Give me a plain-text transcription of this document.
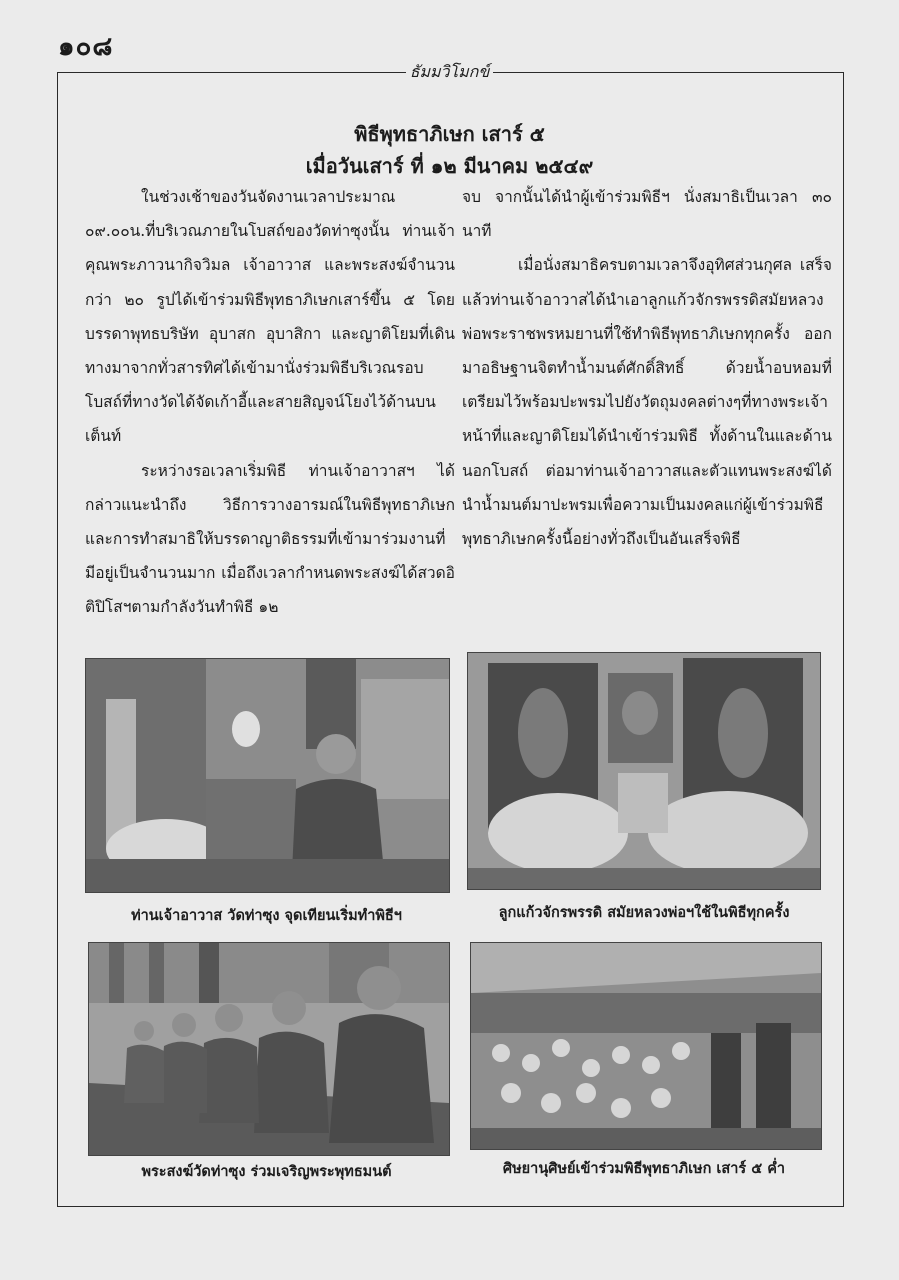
๑๐๘
ธัมมวิโมกข์
พิธีพุทธาภิเษก เสาร์ ๕
เมื่อวันเสาร์ ที่ ๑๒ มีนาคม ๒๕๔๙

ในช่วงเช้าของวันจัดงานเวลาประมาณ ๐๙.๐๐น.ที่บริเวณภายในโบสถ์ของวัดท่าซุงนั้น ท่านเจ้าคุณพระภาวนากิจวิมล เจ้าอาวาส และพระสงฆ์จำนวนกว่า ๒๐ รูปได้เข้าร่วมพิธีพุทธาภิเษกเสาร์ขึ้น ๕ โดยบรรดาพุทธบริษัท อุบาสก อุบาสิกา และญาติโยมที่เดินทางมาจากทั่วสารทิศได้เข้ามานั่งร่วมพิธีบริเวณรอบโบสถ์ที่ทางวัดได้จัดเก้าอี้และสายสิญจน์โยงไว้ด้านบนเต็นท์

ระหว่างรอเวลาเริ่มพิธี ท่านเจ้าอาวาสฯ ได้กล่าวแนะนำถึง วิธีการวางอารมณ์ในพิธีพุทธาภิเษก และการทำสมาธิให้บรรดาญาติธรรมที่เข้ามาร่วมงานที่มีอยู่เป็นจำนวนมาก เมื่อถึงเวลากำหนดพระสงฆ์ได้สวดอิติปิโสฯตามกำลังวันทำพิธี ๑๒

จบ จากนั้นได้นำผู้เข้าร่วมพิธีฯ นั่งสมาธิเป็นเวลา ๓๐ นาที

เมื่อนั่งสมาธิครบตามเวลาจึงอุทิศส่วนกุศล เสร็จแล้วท่านเจ้าอาวาสได้นำเอาลูกแก้วจักรพรรดิสมัยหลวงพ่อพระราชพรหมยานที่ใช้ทำพิธีพุทธาภิเษกทุกครั้ง ออกมาอธิษฐานจิตทำน้ำมนต์ศักดิ์สิทธิ์ ด้วยน้ำอบหอมที่เตรียมไว้พร้อมปะพรมไปยังวัตถุมงคลต่างๆที่ทางพระเจ้าหน้าที่และญาติโยมได้นำเข้าร่วมพิธี ทั้งด้านในและด้านนอกโบสถ์ ต่อมาท่านเจ้าอาวาสและตัวแทนพระสงฆ์ได้นำน้ำมนต์มาปะพรมเพื่อความเป็นมงคลแก่ผู้เข้าร่วมพิธีพุทธาภิเษกครั้งนี้อย่างทั่วถึงเป็นอันเสร็จพิธี

ท่านเจ้าอาวาส วัดท่าซุง จุดเทียนเริ่มทำพิธีฯ	ลูกแก้วจักรพรรดิ สมัยหลวงพ่อฯใช้ในพิธีทุกครั้ง
พระสงฆ์วัดท่าซุง ร่วมเจริญพระพุทธมนต์	ศิษยานุศิษย์เข้าร่วมพิธีพุทธาภิเษก เสาร์ ๕ ค่ำ
